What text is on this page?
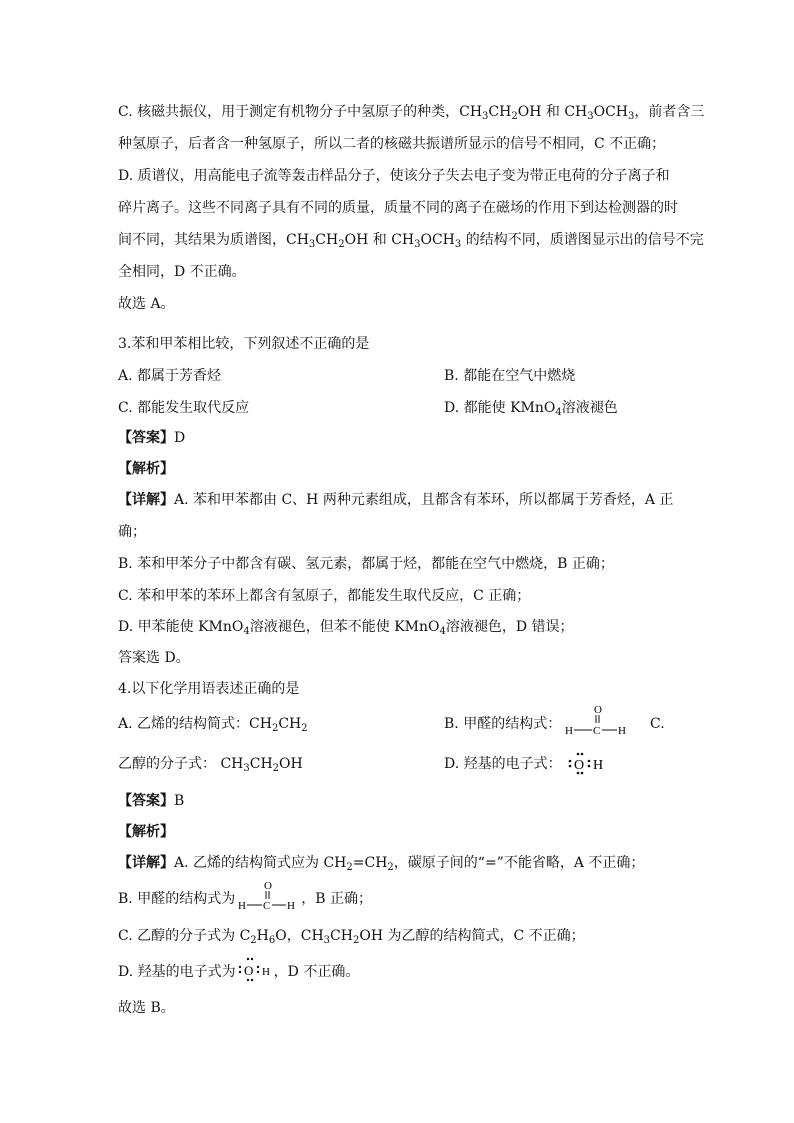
C. 核磁共振仪，用于测定有机物分子中氢原子的种类，$CH_3CH_2OH$ 和 $CH_3OCH_3$，前者含三
种氢原子，后者含一种氢原子，所以二者的核磁共振谱所显示的信号不相同，C 不正确；
D. 质谱仪，用高能电子流等轰击样品分子，使该分子失去电子变为带正电荷的分子离子和
碎片离子。这些不同离子具有不同的质量，质量不同的离子在磁场的作用下到达检测器的时
间不同，其结果为质谱图，$CH_3CH_2OH$ 和 $CH_3OCH_3$ 的结构不同，质谱图显示出的信号不完
全相同，D 不正确。
故选 A。
3.苯和甲苯相比较，下列叙述不正确的是
A. 都属于芳香烃	B. 都能在空气中燃烧
C. 都能发生取代反应	D. 都能使 KMnO$_4$溶液褪色
【答案】D
【解析】
【详解】A. 苯和甲苯都由 C、H 两种元素组成，且都含有苯环，所以都属于芳香烃，A 正
确；
B. 苯和甲苯分子中都含有碳、氢元素，都属于烃，都能在空气中燃烧，B 正确；
C. 苯和甲苯的苯环上都含有氢原子，都能发生取代反应，C 正确；
D. 甲苯能使 KMnO$_4$溶液褪色，但苯不能使 KMnO$_4$溶液褪色，D 错误；
答案选 D。
4.以下化学用语表述正确的是
A. 乙烯的结构简式：$CH_2CH_2$	B. 甲醛的结构式：
O
H C H C.
乙醇的分子式： $CH_3CH_2OH$	D. 羟基的电子式： O H
【答案】B
【解析】
【详解】A. 乙烯的结构简式应为 $CH_2=CH_2$，碳原子间的“=”不能省略，A 不正确；
B. 甲醛的结构式为	，B 正确；
O
H C H
C. 乙醇的分子式为 $C_2H_6O$，$CH_3CH_2OH$ 为乙醇的结构简式，C 不正确；
D. 羟基的电子式为	，D 不正确。
O H
故选 B。
